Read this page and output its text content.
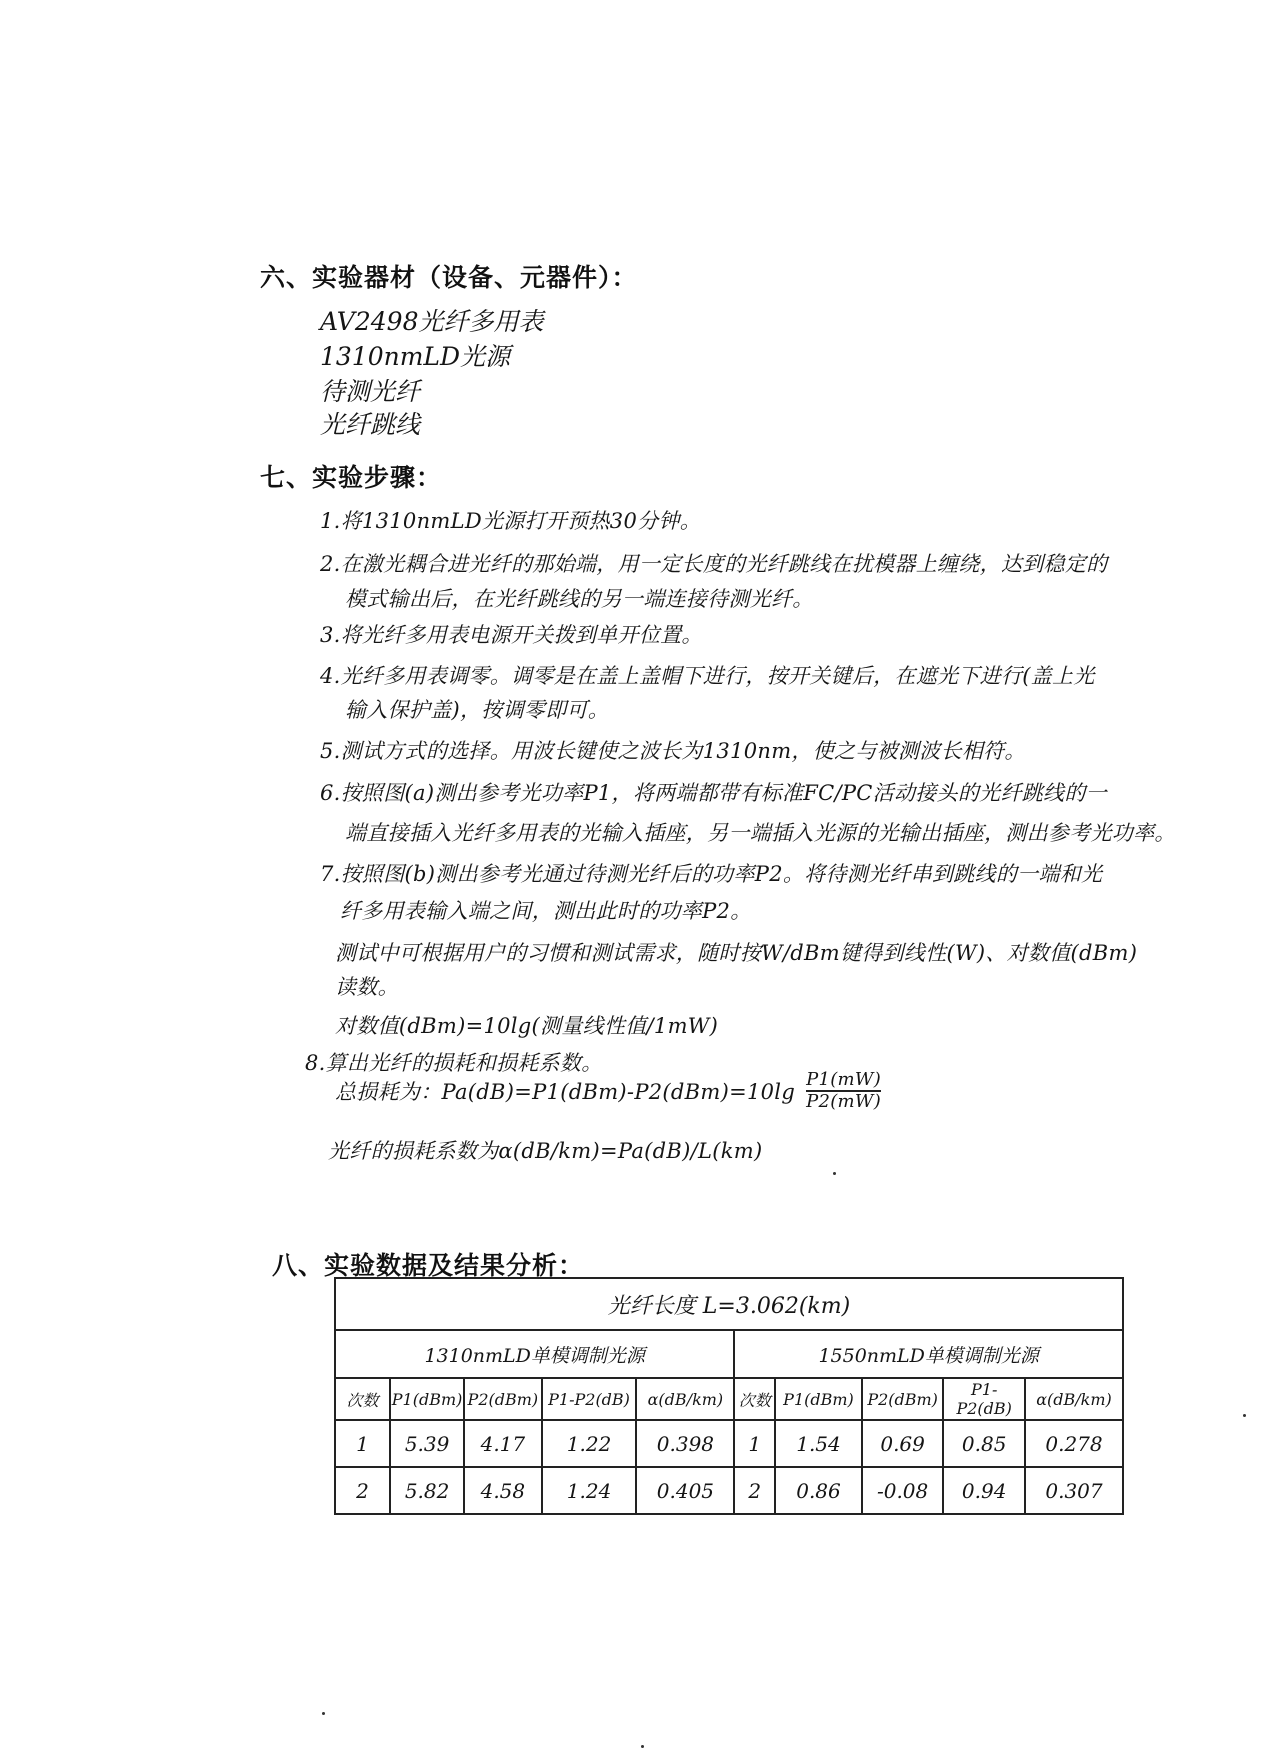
六、实验器材（设备、元器件）：
AV2498光纤多用表
1310nmLD光源
待测光纤
光纤跳线
七、实验步骤：
1.将1310nmLD光源打开预热30分钟。
2.在激光耦合进光纤的那始端，用一定长度的光纤跳线在扰模器上缠绕，达到稳定的
模式输出后，在光纤跳线的另一端连接待测光纤。
3.将光纤多用表电源开关拨到单开位置。
4.光纤多用表调零。调零是在盖上盖帽下进行，按开关键后，在遮光下进行(盖上光
输入保护盖)，按调零即可。
5.测试方式的选择。用波长键使之波长为1310nm，使之与被测波长相符。
6.按照图(a)测出参考光功率P1，将两端都带有标准FC/PC活动接头的光纤跳线的一
端直接插入光纤多用表的光输入插座，另一端插入光源的光输出插座，测出参考光功率。
7.按照图(b)测出参考光通过待测光纤后的功率P2。将待测光纤串到跳线的一端和光
纤多用表输入端之间，测出此时的功率P2。
测试中可根据用户的习惯和测试需求，随时按W/dBm键得到线性(W)、对数值(dBm)
读数。
对数值(dBm)=10lg(测量线性值/1mW)
8.算出光纤的损耗和损耗系数。
总损耗为：$Pa(dB)=P1(dBm)-P2(dBm)=10\lg \frac{P1(mW)}{P2(mW)}$
光纤的损耗系数为α(dB/km)=Pa(dB)/L(km)
八、实验数据及结果分析：
光纤长度 L=3.062(km)									
1310nmLD单模调制光源					1550nmLD单模调制光源				
次数	P1(dBm)	P2(dBm)	P1-P2(dB)	α(dB/km)	次数	P1(dBm)	P2(dBm)	P1-P2(dB)	α(dB/km)
1	5.39	4.17	1.22	0.398	1	1.54	0.69	0.85	0.278
2	5.82	4.58	1.24	0.405	2	0.86	-0.08	0.94	0.307
